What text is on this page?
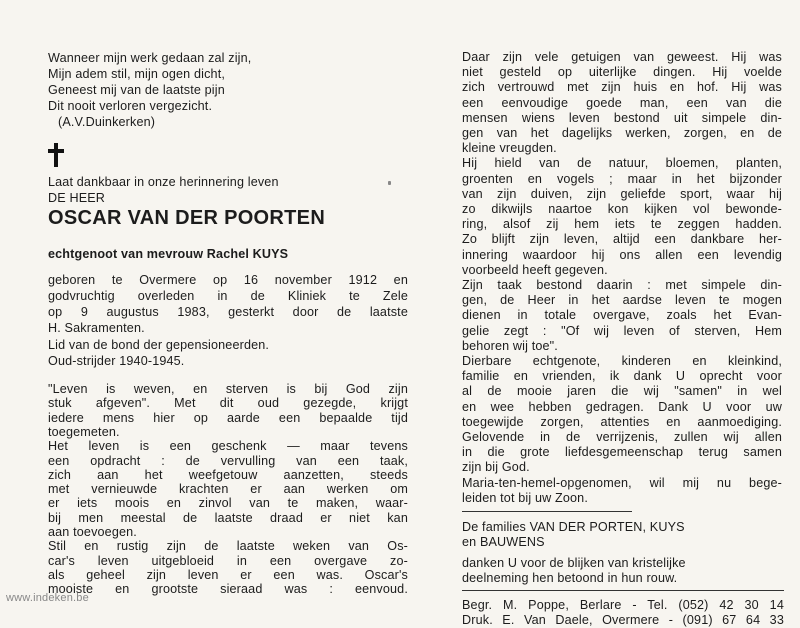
Wanneer mijn werk gedaan zal zijn,
Mijn adem stil, mijn ogen dicht,
Geneest mij van de laatste pijn
Dit nooit verloren vergezicht.
(A.V.Duinkerken)
Laat dankbaar in onze herinnering leven
DE HEER
OSCAR VAN DER POORTEN
echtgenoot van mevrouw Rachel KUYS
geboren te Overmere op 16 november 1912 en
godvruchtig overleden in de Kliniek te Zele
op 9 augustus 1983, gesterkt door de laatste
H. Sakramenten.
Lid van de bond der gepensioneerden.
Oud-strijder 1940-1945.
"Leven is weven, en sterven is bij God zijn
stuk afgeven". Met dit oud gezegde, krijgt
iedere mens hier op aarde een bepaalde tijd
toegemeten.
Het leven is een geschenk — maar tevens
een opdracht : de vervulling van een taak,
zich aan het weefgetouw aanzetten, steeds
met vernieuwde krachten er aan werken om
er iets moois en zinvol van te maken, waar-
bij men meestal de laatste draad er niet kan
aan toevoegen.
Stil en rustig zijn de laatste weken van Os-
car's leven uitgebloeid in een overgave zo-
als geheel zijn leven er een was. Oscar's
mooiste en grootste sieraad was : eenvoud.
Daar zijn vele getuigen van geweest. Hij was
niet gesteld op uiterlijke dingen. Hij voelde
zich vertrouwd met zijn huis en hof. Hij was
een eenvoudige goede man, een van die
mensen wiens leven bestond uit simpele din-
gen van het dagelijks werken, zorgen, en de
kleine vreugden.
Hij hield van de natuur, bloemen, planten,
groenten en vogels ; maar in het bijzonder
van zijn duiven, zijn geliefde sport, waar hij
zo dikwijls naartoe kon kijken vol bewonde-
ring, alsof zij hem iets te zeggen hadden.
Zo blijft zijn leven, altijd een dankbare her-
innering waardoor hij ons allen een levendig
voorbeeld heeft gegeven.
Zijn taak bestond daarin : met simpele din-
gen, de Heer in het aardse leven te mogen
dienen in totale overgave, zoals het Evan-
gelie zegt : "Of wij leven of sterven, Hem
behoren wij toe".
Dierbare echtgenote, kinderen en kleinkind,
familie en vrienden, ik dank U oprecht voor
al de mooie jaren die wij "samen" in wel
en wee hebben gedragen. Dank U voor uw
toegewijde zorgen, attenties en aanmoediging.
Gelovende in de verrijzenis, zullen wij allen
in die grote liefdesgemeenschap terug samen
zijn bij God.
Maria-ten-hemel-opgenomen, wil mij nu bege-
leiden tot bij uw Zoon.
De families VAN DER PORTEN, KUYS
en BAUWENS
danken U voor de blijken van kristelijke
deelneming hen betoond in hun rouw.
www.indeken.be	Begr. M. Poppe, Berlare - Tel. (052) 42 30 14
Druk. E. Van Daele, Overmere - (091) 67 64 33
